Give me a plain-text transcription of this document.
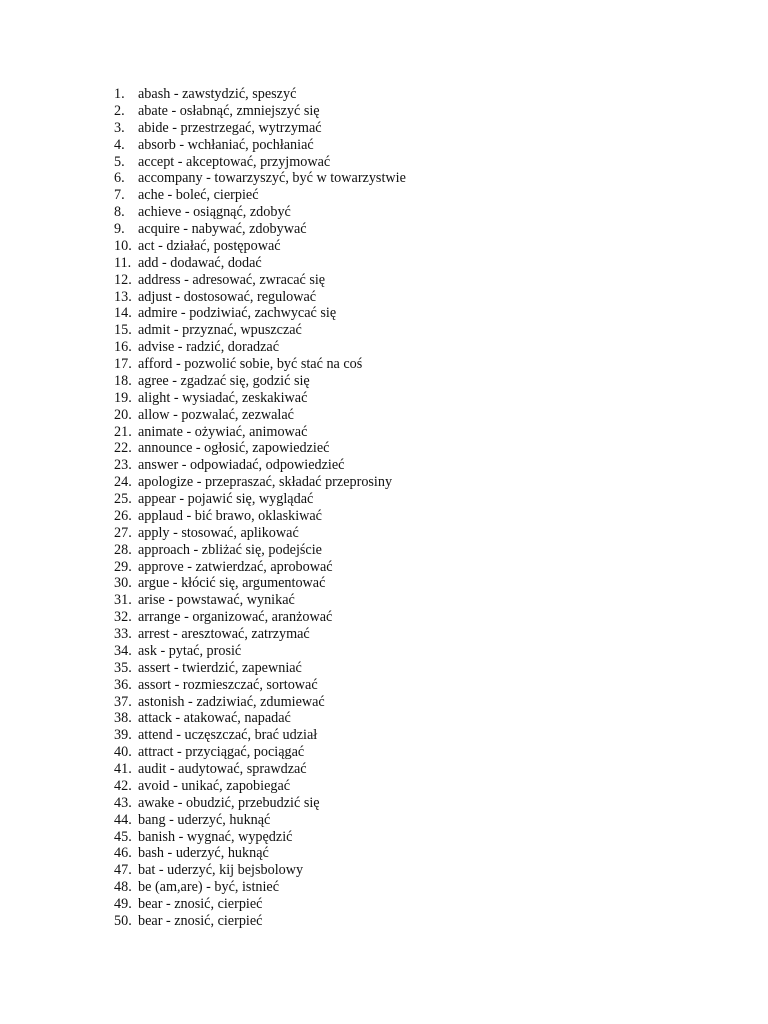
1. abash - zawstydzić, speszyć
2. abate - osłabnąć, zmniejszyć się
3. abide - przestrzegać, wytrzymać
4. absorb - wchłaniać, pochłaniać
5. accept - akceptować, przyjmować
6. accompany - towarzyszyć, być w towarzystwie
7. ache - boleć, cierpieć
8. achieve - osiągnąć, zdobyć
9. acquire - nabywać, zdobywać
10. act - działać, postępować
11. add - dodawać, dodać
12. address - adresować, zwracać się
13. adjust - dostosować, regulować
14. admire - podziwiać, zachwycać się
15. admit - przyznać, wpuszczać
16. advise - radzić, doradzać
17. afford - pozwolić sobie, być stać na coś
18. agree - zgadzać się, godzić się
19. alight - wysiadać, zeskakiwać
20. allow - pozwalać, zezwalać
21. animate - ożywiać, animować
22. announce - ogłosić, zapowiedzieć
23. answer - odpowiadać, odpowiedzieć
24. apologize - przepraszać, składać przeprosiny
25. appear - pojawić się, wyglądać
26. applaud - bić brawo, oklaskiwać
27. apply - stosować, aplikować
28. approach - zbliżać się, podejście
29. approve - zatwierdzać, aprobować
30. argue - kłócić się, argumentować
31. arise - powstawać, wynikać
32. arrange - organizować, aranżować
33. arrest - aresztować, zatrzymać
34. ask - pytać, prosić
35. assert - twierdzić, zapewniać
36. assort - rozmieszczać, sortować
37. astonish - zadziwiać, zdumiewać
38. attack - atakować, napadać
39. attend - uczęszczać, brać udział
40. attract - przyciągać, pociągać
41. audit - audytować, sprawdzać
42. avoid - unikać, zapobiegać
43. awake - obudzić, przebudzić się
44. bang - uderzyć, huknąć
45. banish - wygnać, wypędzić
46. bash - uderzyć, huknąć
47. bat - uderzyć, kij bejsbolowy
48. be (am,are) - być, istnieć
49. bear - znosić, cierpieć
50. bear - znosić, cierpieć
